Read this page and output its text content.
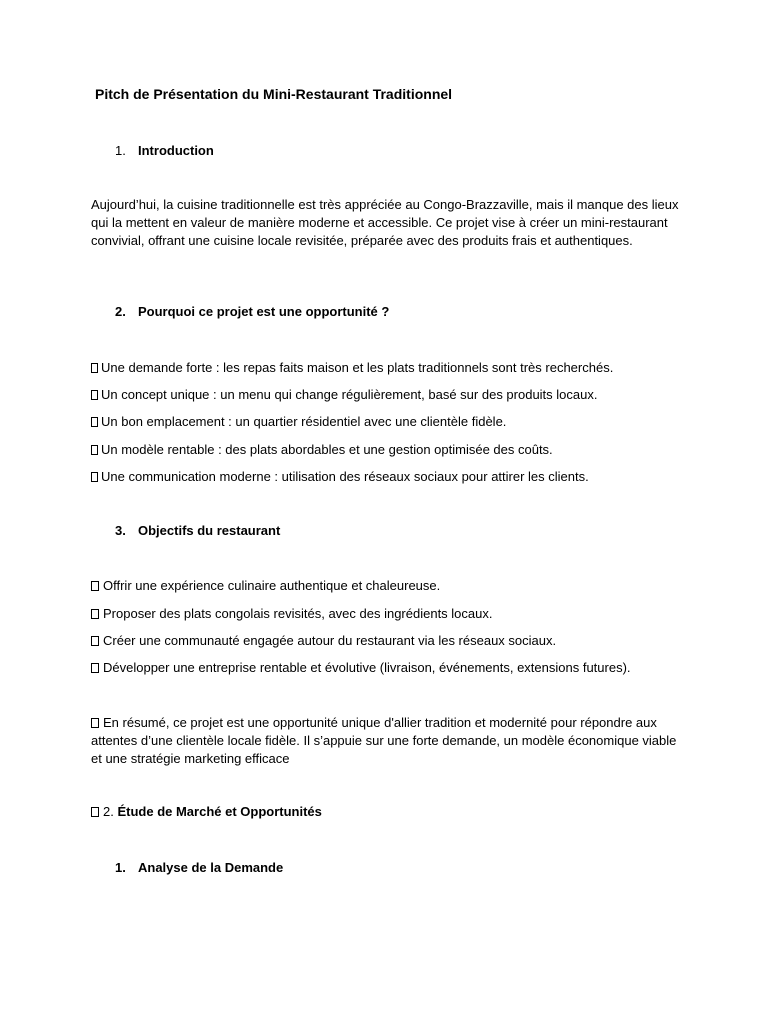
Pitch de Présentation du Mini-Restaurant Traditionnel
1. Introduction
Aujourd’hui, la cuisine traditionnelle est très appréciée au Congo-Brazzaville, mais il manque des lieux qui la mettent en valeur de manière moderne et accessible. Ce projet vise à créer un mini-restaurant convivial, offrant une cuisine locale revisitée, préparée avec des produits frais et authentiques.
2. Pourquoi ce projet est une opportunité ?
Une demande forte : les repas faits maison et les plats traditionnels sont très recherchés.
Un concept unique : un menu qui change régulièrement, basé sur des produits locaux.
Un bon emplacement : un quartier résidentiel avec une clientèle fidèle.
Un modèle rentable : des plats abordables et une gestion optimisée des coûts.
Une communication moderne : utilisation des réseaux sociaux pour attirer les clients.
3. Objectifs du restaurant
Offrir une expérience culinaire authentique et chaleureuse.
Proposer des plats congolais revisités, avec des ingrédients locaux.
Créer une communauté engagée autour du restaurant via les réseaux sociaux.
Développer une entreprise rentable et évolutive (livraison, événements, extensions futures).
En résumé, ce projet est une opportunité unique d'allier tradition et modernité pour répondre aux attentes d’une clientèle locale fidèle. Il s’appuie sur une forte demande, un modèle économique viable et une stratégie marketing efficace
2. Étude de Marché et Opportunités
1. Analyse de la Demande
